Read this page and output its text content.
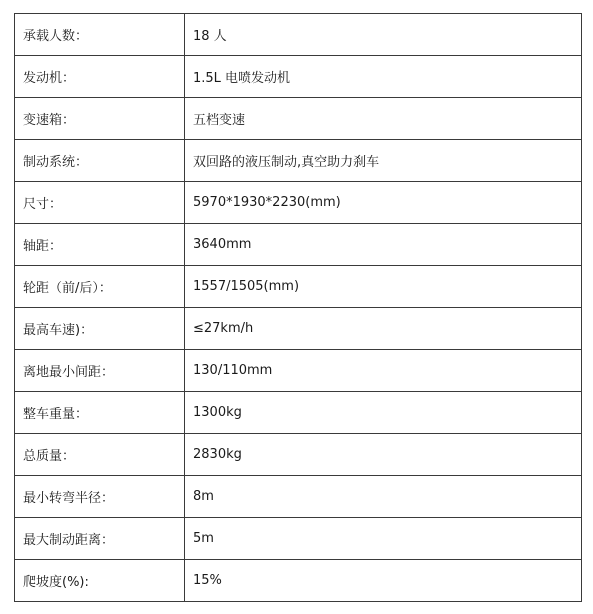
承载人数：	18 人
发动机：	1.5L 电喷发动机
变速箱：	五档变速
制动系统：	双回路的液压制动,真空助力刹车
尺寸：	5970*1930*2230(mm)
轴距：	3640mm
轮距（前/后）：	1557/1505(mm)
最高车速)：	≤27km/h
离地最小间距：	130/110mm
整车重量：	1300kg
总质量：	2830kg
最小转弯半径：	8m
最大制动距离：	5m
爬坡度(%):	15%
